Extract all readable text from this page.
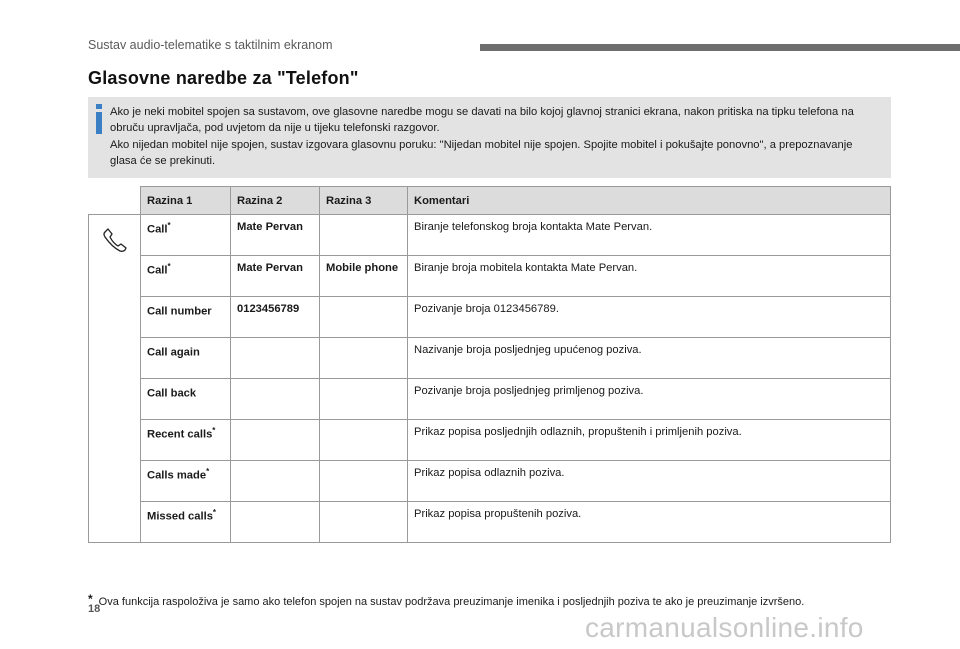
Sustav audio-telematike s taktilnim ekranom
Glasovne naredbe za "Telefon"

Ako je neki mobitel spojen sa sustavom, ove glasovne naredbe mogu se davati na bilo kojoj glavnoj stranici ekrana, nakon pritiska na tipku telefona na obruču upravljača, pod uvjetom da nije u tijeku telefonski razgovor.

Ako nijedan mobitel nije spojen, sustav izgovara glasovnu poruku: "Nijedan mobitel nije spojen. Spojite mobitel i pokušajte ponovno", a prepoznavanje glasa će se prekinuti.

	Razina 1	Razina 2	Razina 3	Komentari
	Call*	Mate Pervan		Biranje telefonskog broja kontakta Mate Pervan.
	Call*	Mate Pervan	Mobile phone	Biranje broja mobitela kontakta Mate Pervan.
	Call number	0123456789		Pozivanje broja 0123456789.
	Call again			Nazivanje broja posljednjeg upućenog poziva.
	Call back			Pozivanje broja posljednjeg primljenog poziva.
	Recent calls*			Prikaz popisa posljednjih odlaznih, propuštenih i primljenih poziva.
	Calls made*			Prikaz popisa odlaznih poziva.
	Missed calls*			Prikaz popisa propuštenih poziva.
* Ova funkcija raspoloživa je samo ako telefon spojen na sustav podržava preuzimanje imenika i posljednjih poziva te ako je preuzimanje izvršeno.
18
carmanualsonline.info
